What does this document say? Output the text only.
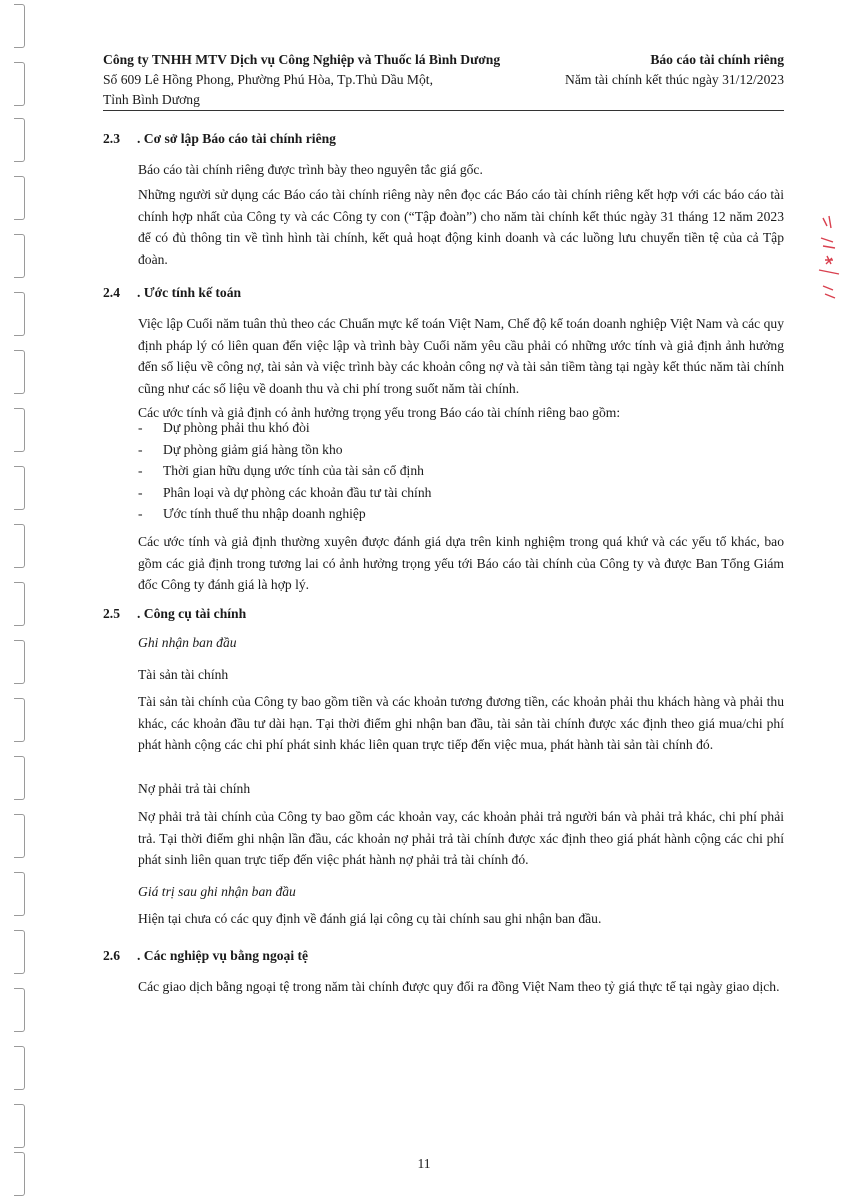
Công ty TNHH MTV Dịch vụ Công Nghiệp và Thuốc lá Bình Dương
Số 609 Lê Hồng Phong, Phường Phú Hòa, Tp.Thủ Dầu Một,
Tỉnh Bình Dương
Báo cáo tài chính riêng
Năm tài chính kết thúc ngày 31/12/2023
2.3 . Cơ sở lập Báo cáo tài chính riêng
Báo cáo tài chính riêng được trình bày theo nguyên tắc giá gốc.
Những người sử dụng các Báo cáo tài chính riêng này nên đọc các Báo cáo tài chính riêng kết hợp với các báo cáo tài chính hợp nhất của Công ty và các Công ty con (“Tập đoàn”) cho năm tài chính kết thúc ngày 31 tháng 12 năm 2023 để có đủ thông tin về tình hình tài chính, kết quả hoạt động kinh doanh và các luồng lưu chuyển tiền tệ của cả Tập đoàn.
2.4 . Ước tính kế toán
Việc lập Cuối năm tuân thủ theo các Chuẩn mực kế toán Việt Nam, Chế độ kế toán doanh nghiệp Việt Nam và các quy định pháp lý có liên quan đến việc lập và trình bày Cuối năm yêu cầu phải có những ước tính và giả định ảnh hưởng đến số liệu về công nợ, tài sản và việc trình bày các khoản công nợ và tài sản tiềm tàng tại ngày kết thúc năm tài chính cũng như các số liệu về doanh thu và chi phí trong suốt năm tài chính.
Các ước tính và giả định có ảnh hưởng trọng yếu trong Báo cáo tài chính riêng bao gồm:
- Dự phòng phải thu khó đòi
- Dự phòng giảm giá hàng tồn kho
- Thời gian hữu dụng ước tính của tài sản cố định
- Phân loại và dự phòng các khoản đầu tư tài chính
- Ước tính thuế thu nhập doanh nghiệp
Các ước tính và giả định thường xuyên được đánh giá dựa trên kinh nghiệm trong quá khứ và các yếu tố khác, bao gồm các giả định trong tương lai có ảnh hưởng trọng yếu tới Báo cáo tài chính của Công ty và được Ban Tổng Giám đốc Công ty đánh giá là hợp lý.
2.5 . Công cụ tài chính
Ghi nhận ban đầu
Tài sản tài chính
Tài sản tài chính của Công ty bao gồm tiền và các khoản tương đương tiền, các khoản phải thu khách hàng và phải thu khác, các khoản đầu tư dài hạn. Tại thời điểm ghi nhận ban đầu, tài sản tài chính được xác định theo giá mua/chi phí phát hành cộng các chi phí phát sinh khác liên quan trực tiếp đến việc mua, phát hành tài sản tài chính đó.
Nợ phải trả tài chính
Nợ phải trả tài chính của Công ty bao gồm các khoản vay, các khoản phải trả người bán và phải trả khác, chi phí phải trả. Tại thời điểm ghi nhận lần đầu, các khoản nợ phải trả tài chính được xác định theo giá phát hành cộng các chi phí phát sinh liên quan trực tiếp đến việc phát hành nợ phải trả tài chính đó.
Giá trị sau ghi nhận ban đầu
Hiện tại chưa có các quy định về đánh giá lại công cụ tài chính sau ghi nhận ban đầu.
2.6 . Các nghiệp vụ bằng ngoại tệ
Các giao dịch bằng ngoại tệ trong năm tài chính được quy đổi ra đồng Việt Nam theo tỷ giá thực tế tại ngày giao dịch.
11
